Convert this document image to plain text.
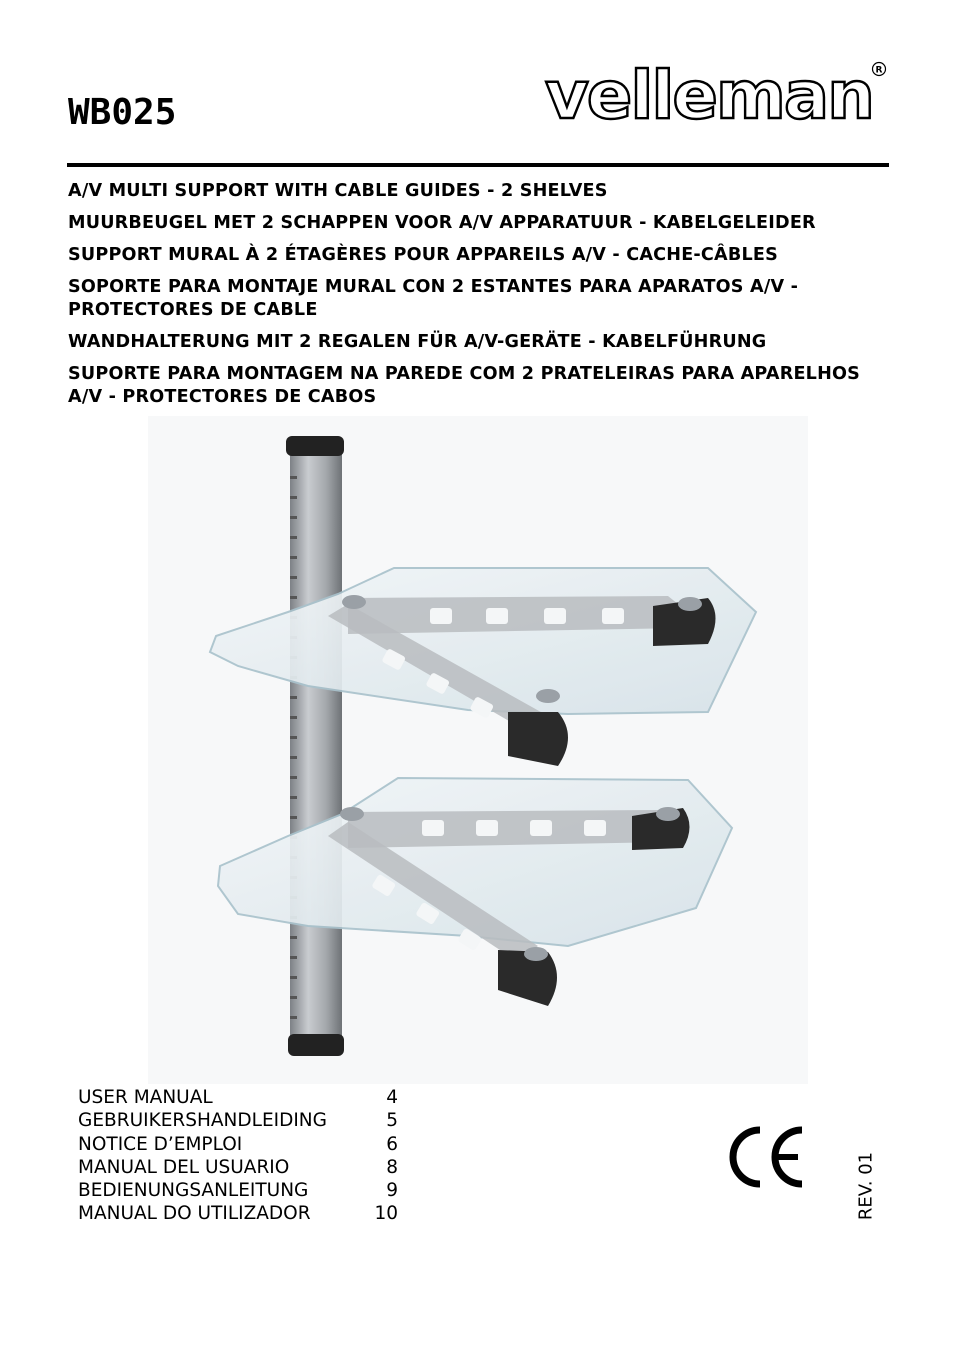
WB025	velleman R
A/V MULTI SUPPORT WITH CABLE GUIDES - 2 SHELVES
MUURBEUGEL MET 2 SCHAPPEN VOOR A/V APPARATUUR - KABELGELEIDER
SUPPORT MURAL À 2 ÉTAGÈRES POUR APPAREILS A/V - CACHE-CÂBLES
SOPORTE PARA MONTAJE MURAL CON 2 ESTANTES PARA APARATOS A/V - PROTECTORES DE CABLE
WANDHALTERUNG MIT 2 REGALEN FÜR A/V-GERÄTE - KABELFÜHRUNG
SUPORTE PARA MONTAGEM NA PAREDE COM 2 PRATELEIRAS PARA APARELHOS A/V - PROTECTORES DE CABOS
USER MANUAL	4
GEBRUIKERSHANDLEIDING	5
NOTICE D’EMPLOI	6
MANUAL DEL USUARIO	8
BEDIENUNGSANLEITUNG	9
MANUAL DO UTILIZADOR	10	REV. 01
